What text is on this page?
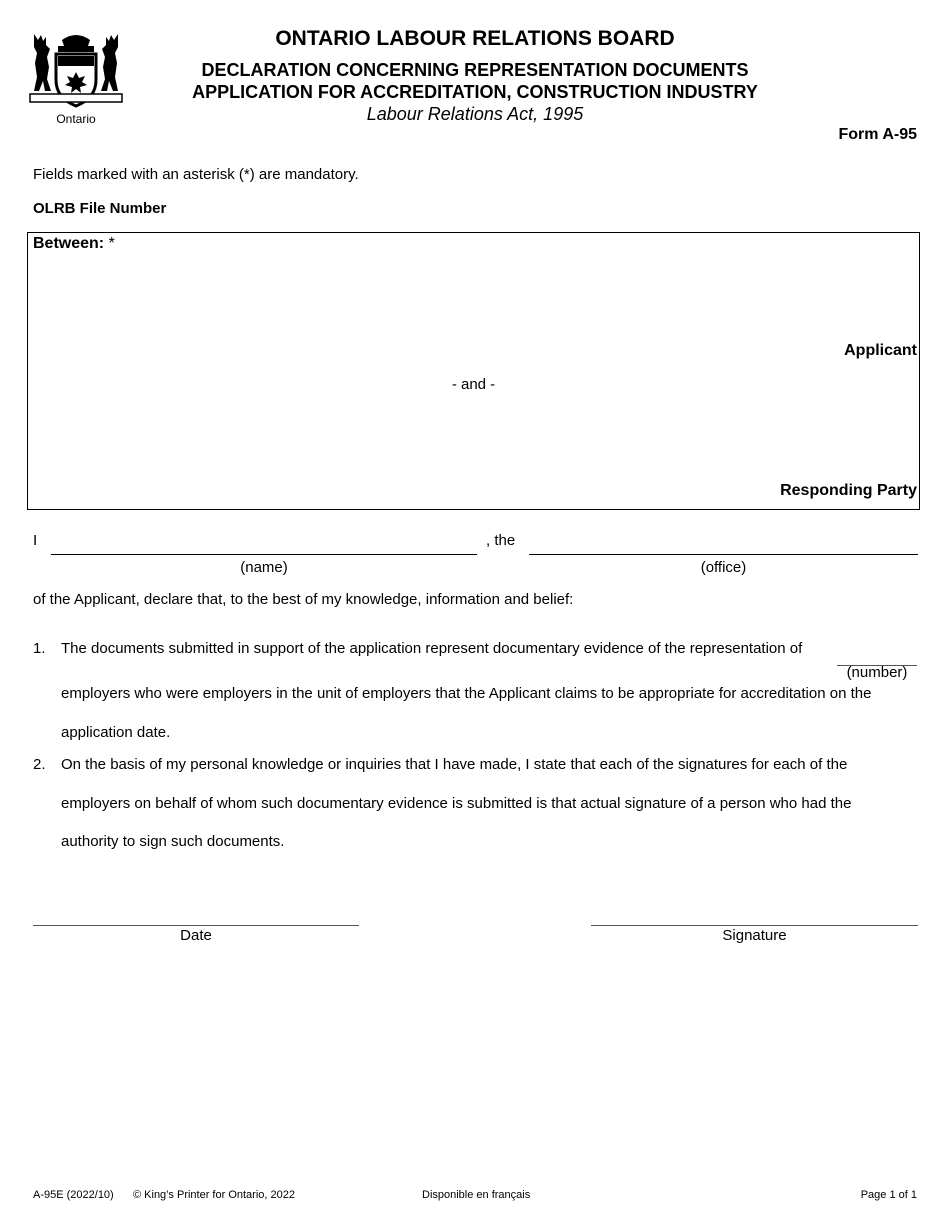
Ontario
ONTARIO LABOUR RELATIONS BOARD
DECLARATION CONCERNING REPRESENTATION DOCUMENTS
APPLICATION FOR ACCREDITATION, CONSTRUCTION INDUSTRY
Labour Relations Act, 1995
Form A-95
Fields marked with an asterisk (*) are mandatory.
OLRB File Number
Between: *
Applicant
- and -
Responding Party
I	, the
(name)	(office)
of the Applicant, declare that, to the best of my knowledge, information and belief:
1. The documents submitted in support of the application represent documentary evidence of the representation of
(number)
employers who were employers in the unit of employers that the Applicant claims to be appropriate for accreditation on the
application date.
2. On the basis of my personal knowledge or inquiries that I have made, I state that each of the signatures for each of the
employers on behalf of whom such documentary evidence is submitted is that actual signature of a person who had the
authority to sign such documents.
Date	Signature
A-95E (2022/10) © King’s Printer for Ontario, 2022	Disponible en français	Page 1 of 1
